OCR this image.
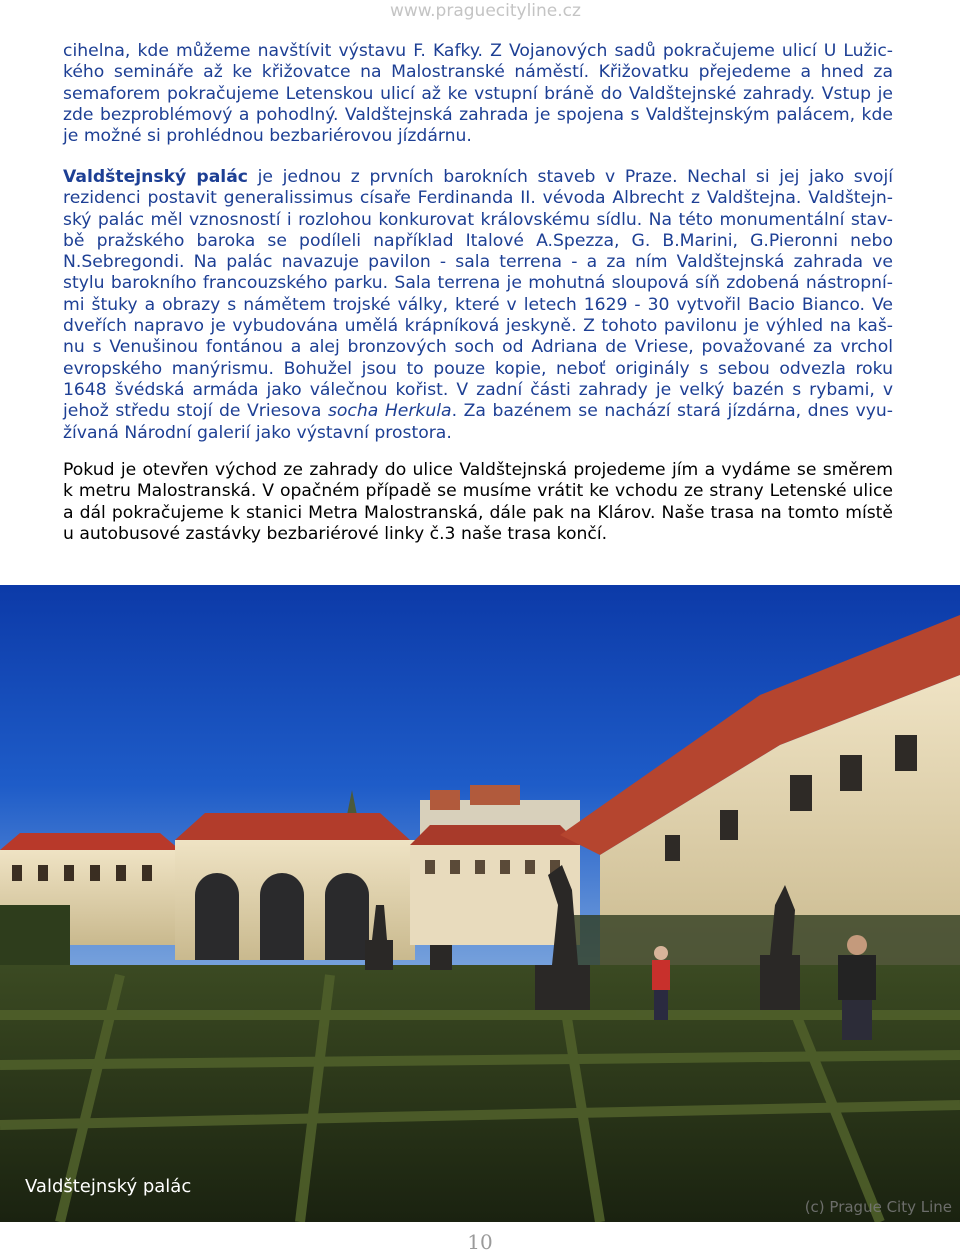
www.praguecityline.cz
cihelna, kde můžeme navštívit výstavu F. Kafky. Z Vojanových sadů pokračujeme ulicí U Lužic-
kého semináře až ke křižovatce na Malostranské náměstí. Křižovatku přejedeme a hned za
semaforem pokračujeme Letenskou ulicí až ke vstupní bráně do Valdštejnské zahrady. Vstup je
zde bezproblémový a pohodlný. Valdštejnská zahrada je spojena s Valdštejnským palácem, kde
je možné si prohlédnou bezbariérovou jízdárnu.
Valdštejnský palác je jednou z prvních barokních staveb v Praze. Nechal si jej jako svojí
rezidenci postavit generalissimus císaře Ferdinanda II. vévoda Albrecht z Valdštejna. Valdštejn-
ský palác měl vznosností i rozlohou konkurovat královskému sídlu. Na této monumentální stav-
bě pražského baroka se podíleli například Italové A.Spezza, G. B.Marini, G.Pieronni nebo
N.Sebregondi. Na palác navazuje pavilon - sala terrena - a za ním Valdštejnská zahrada ve
stylu barokního francouzského parku. Sala terrena je mohutná sloupová síň zdobená nástropní-
mi štuky a obrazy s námětem trojské války, které v letech 1629 - 30 vytvořil Bacio Bianco. Ve
dveřích napravo je vybudována umělá krápníková jeskyně. Z tohoto pavilonu je výhled na kaš-
nu s Venušinou fontánou a alej bronzových soch od Adriana de Vriese, považované za vrchol
evropského manýrismu. Bohužel jsou to pouze kopie, neboť originály s sebou odvezla roku
1648 švédská armáda jako válečnou kořist. V zadní části zahrady je velký bazén s rybami, v
jehož středu stojí de Vriesova socha Herkula. Za bazénem se nachází stará jízdárna, dnes vyu-
žívaná Národní galerií jako výstavní prostora.
Pokud je otevřen východ ze zahrady do ulice Valdštejnská projedeme jím a vydáme se směrem
k metru Malostranská. V opačném případě se musíme vrátit ke vchodu ze strany Letenské ulice
a dál pokračujeme k stanici Metra Malostranská, dále pak na Klárov. Naše trasa na tomto místě
u autobusové zastávky bezbariérové linky č.3 naše trasa končí.
Valdštejnský palác
(c) Prague City Line
10
